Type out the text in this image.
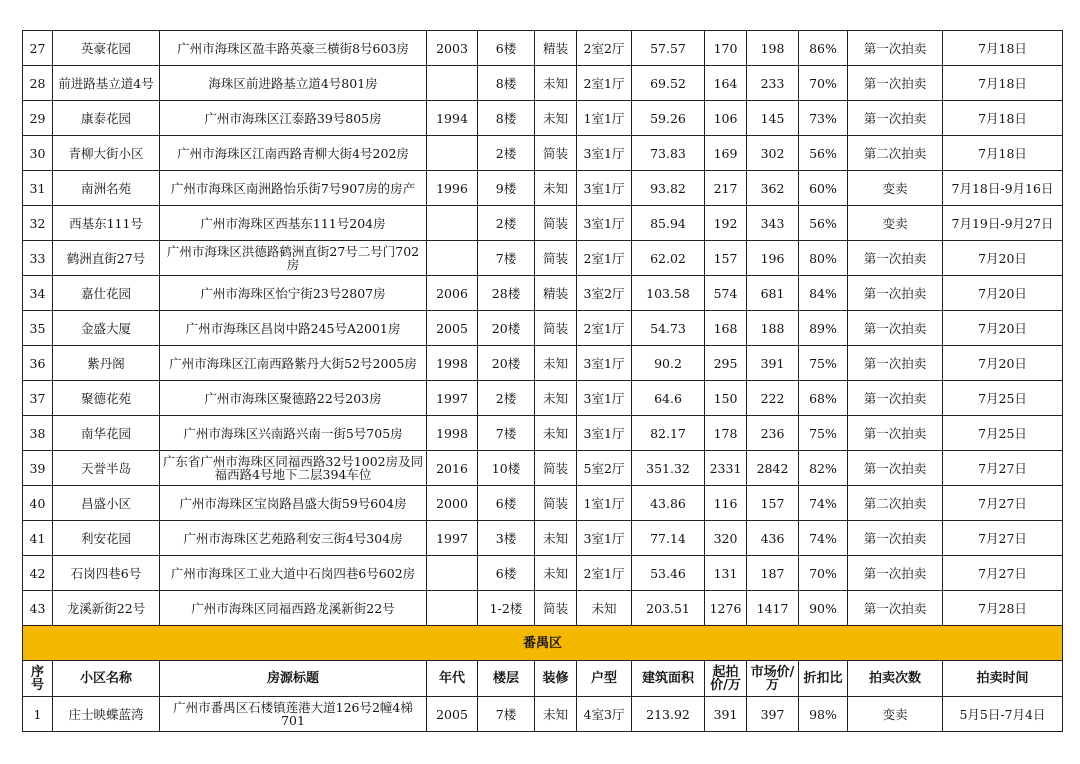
27	英豪花园	广州市海珠区盈丰路英豪三横街8号603房	2003	6楼	精装	2室2厅	57.57	170	198	86%	第一次拍卖	7月18日
28	前进路基立道4号	海珠区前进路基立道4号801房		8楼	未知	2室1厅	69.52	164	233	70%	第一次拍卖	7月18日
29	康泰花园	广州市海珠区江泰路39号805房	1994	8楼	未知	1室1厅	59.26	106	145	73%	第一次拍卖	7月18日
30	青柳大街小区	广州市海珠区江南西路青柳大街4号202房		2楼	简装	3室1厅	73.83	169	302	56%	第二次拍卖	7月18日
31	南洲名苑	广州市海珠区南洲路怡乐街7号907房的房产	1996	9楼	未知	3室1厅	93.82	217	362	60%	变卖	7月18日-9月16日
32	西基东111号	广州市海珠区西基东111号204房		2楼	简装	3室1厅	85.94	192	343	56%	变卖	7月19日-9月27日
33	鹤洲直街27号	广州市海珠区洪德路鹤洲直街27号二号门702房		7楼	简装	2室1厅	62.02	157	196	80%	第一次拍卖	7月20日
34	嘉仕花园	广州市海珠区怡宁街23号2807房	2006	28楼	精装	3室2厅	103.58	574	681	84%	第一次拍卖	7月20日
35	金盛大厦	广州市海珠区昌岗中路245号A2001房	2005	20楼	简装	2室1厅	54.73	168	188	89%	第一次拍卖	7月20日
36	紫丹阁	广州市海珠区江南西路紫丹大街52号2005房	1998	20楼	未知	3室1厅	90.2	295	391	75%	第一次拍卖	7月20日
37	聚德花苑	广州市海珠区聚德路22号203房	1997	2楼	未知	3室1厅	64.6	150	222	68%	第一次拍卖	7月25日
38	南华花园	广州市海珠区兴南路兴南一街5号705房	1998	7楼	未知	3室1厅	82.17	178	236	75%	第一次拍卖	7月25日
39	天誉半岛	广东省广州市海珠区同福西路32号1002房及同福西路4号地下二层394车位	2016	10楼	简装	5室2厅	351.32	2331	2842	82%	第一次拍卖	7月27日
40	昌盛小区	广州市海珠区宝岗路昌盛大街59号604房	2000	6楼	简装	1室1厅	43.86	116	157	74%	第二次拍卖	7月27日
41	利安花园	广州市海珠区艺苑路利安三街4号304房	1997	3楼	未知	3室1厅	77.14	320	436	74%	第一次拍卖	7月27日
42	石岗四巷6号	广州市海珠区工业大道中石岗四巷6号602房		6楼	未知	2室1厅	53.46	131	187	70%	第一次拍卖	7月27日
43	龙溪新街22号	广州市海珠区同福西路龙溪新街22号		1-2楼	简装	未知	203.51	1276	1417	90%	第一次拍卖	7月28日
番禺区												
序号	小区名称	房源标题	年代	楼层	装修	户型	建筑面积	起拍价/万	市场价/万	折扣比	拍卖次数	拍卖时间
1	庄士映蝶蓝湾	广州市番禺区石楼镇莲港大道126号2幢4梯701	2005	7楼	未知	4室3厅	213.92	391	397	98%	变卖	5月5日-7月4日
